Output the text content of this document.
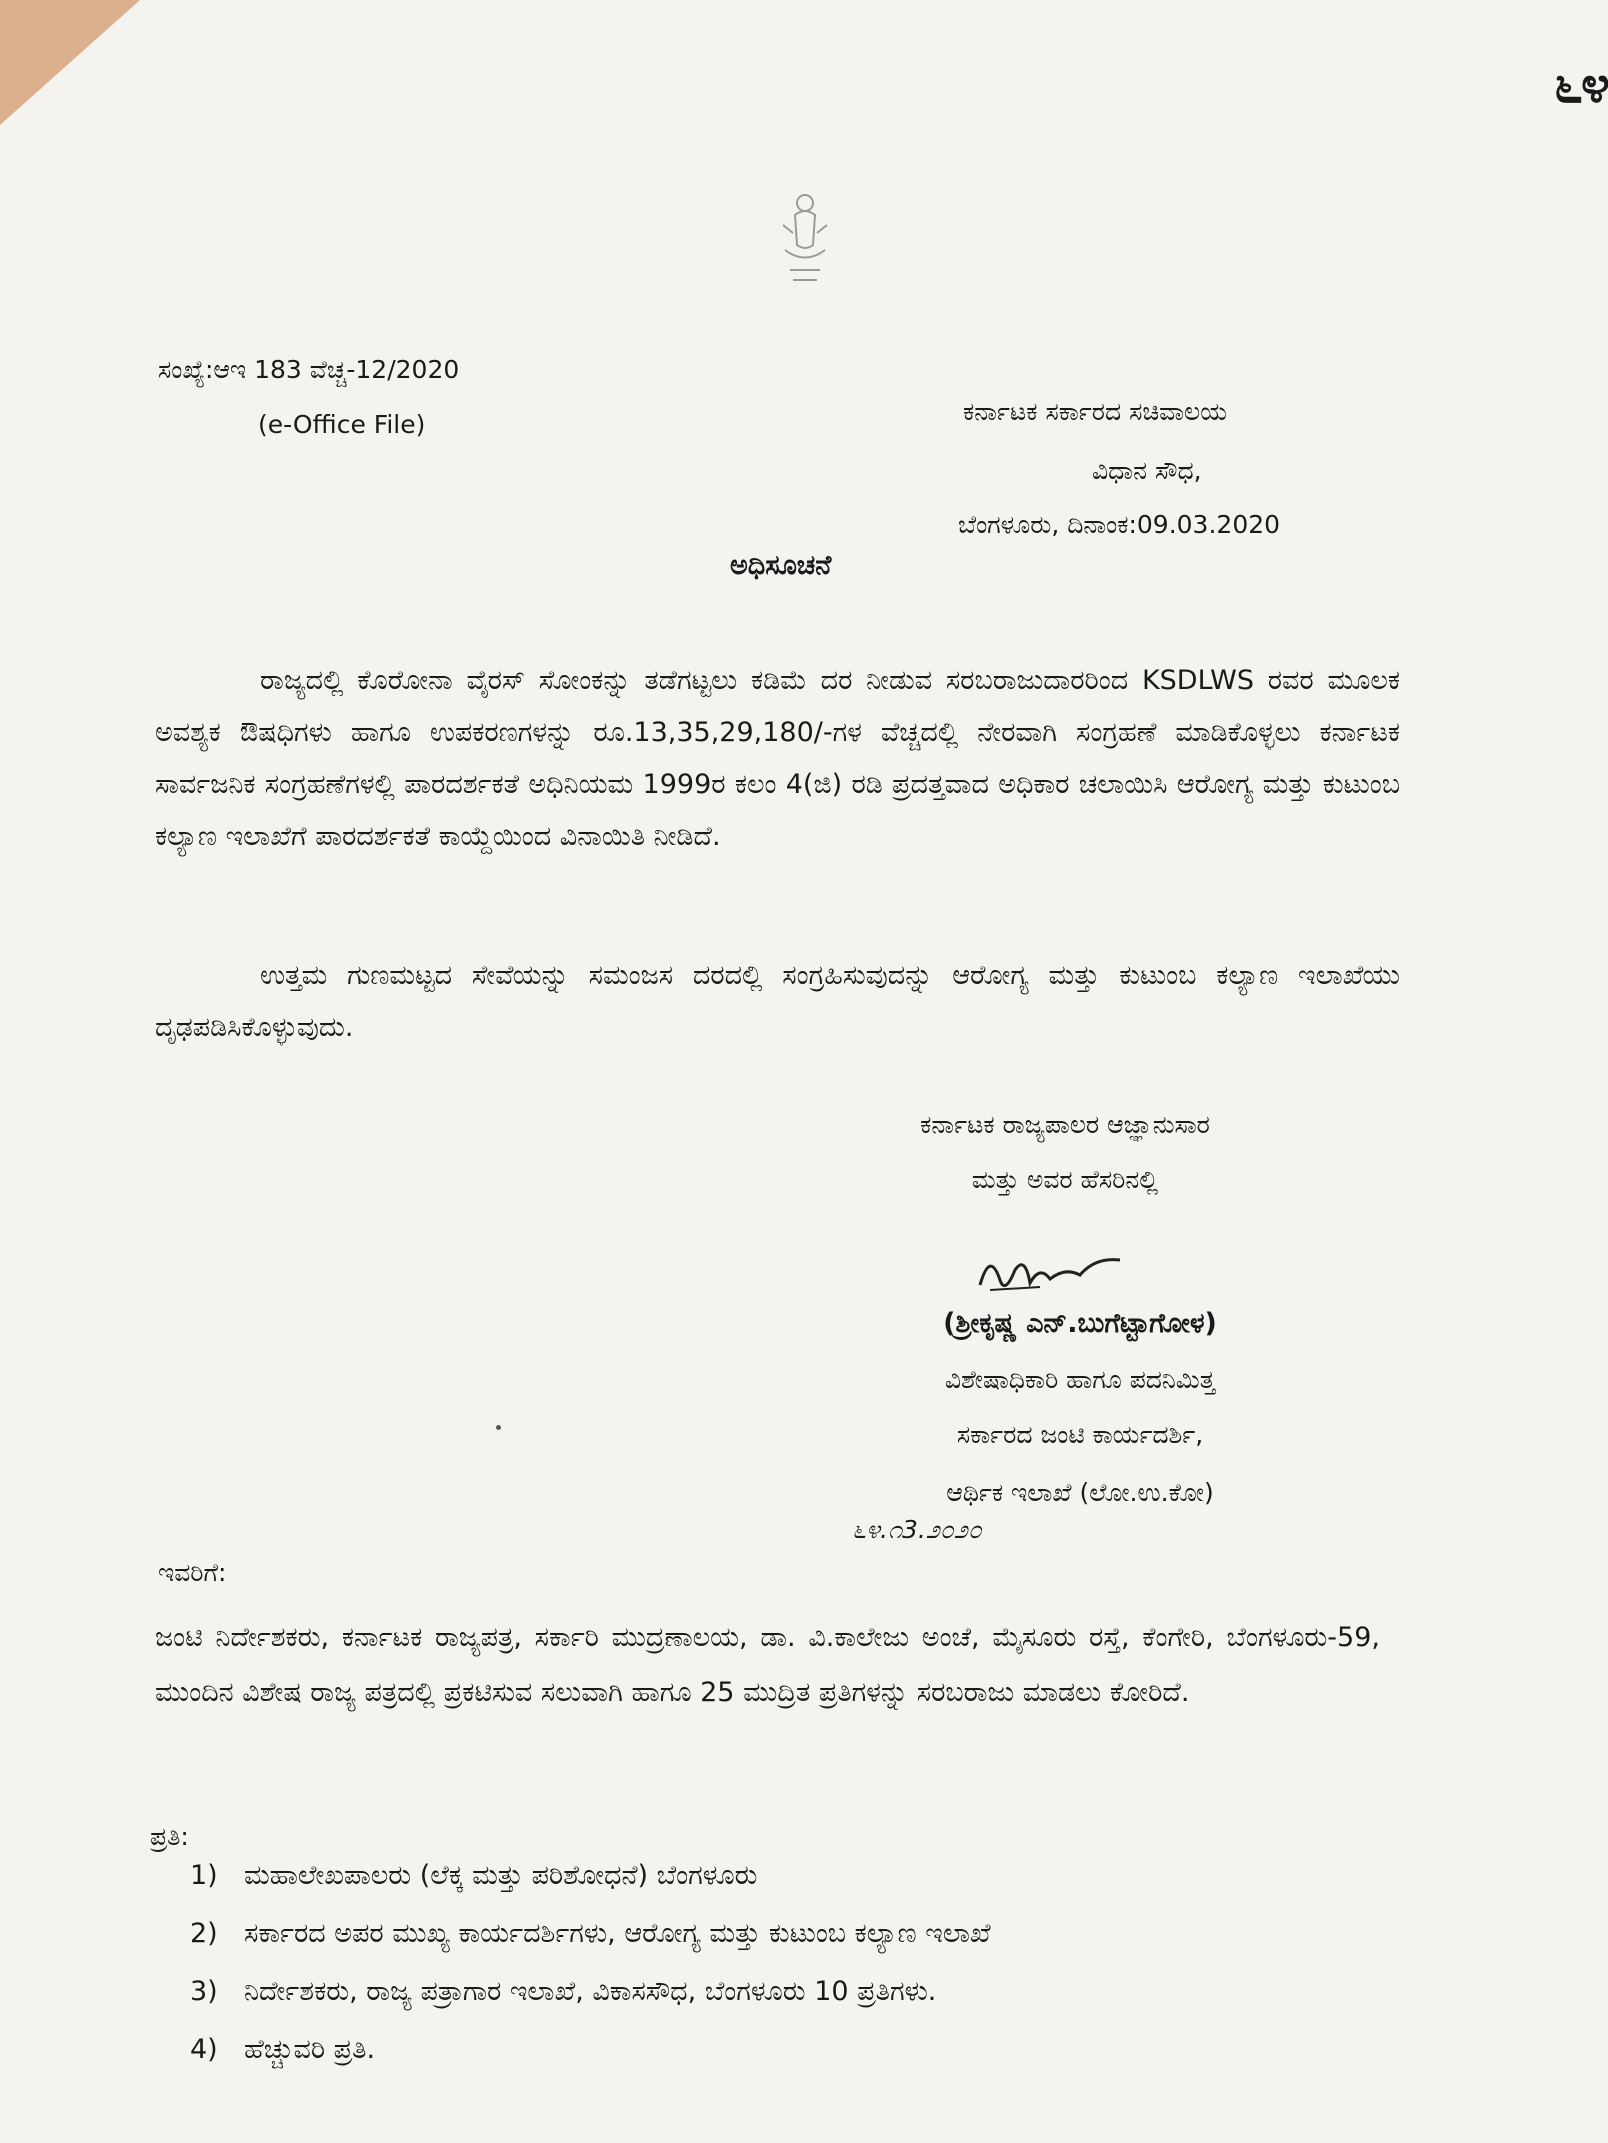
೬೪
ಸಂಖ್ಯೆ:ಆಇ 183 ವೆಚ್ಚ-12/2020
(e-Office File)	ಕರ್ನಾಟಕ ಸರ್ಕಾರದ ಸಚಿವಾಲಯ
ವಿಧಾನ ಸೌಧ,
ಬೆಂಗಳೂರು, ದಿನಾಂಕ:09.03.2020
ಅಧಿಸೂಚನೆ

ರಾಜ್ಯದಲ್ಲಿ ಕೊರೋನಾ ವೈರಸ್ ಸೋಂಕನ್ನು ತಡೆಗಟ್ಟಲು ಕಡಿಮೆ ದರ ನೀಡುವ ಸರಬರಾಜುದಾರರಿಂದ KSDLWS ರವರ ಮೂಲಕ ಅವಶ್ಯಕ ಔಷಧಿಗಳು ಹಾಗೂ ಉಪಕರಣಗಳನ್ನು ರೂ.13,35,29,180/-ಗಳ ವೆಚ್ಚದಲ್ಲಿ ನೇರವಾಗಿ ಸಂಗ್ರಹಣೆ ಮಾಡಿಕೊಳ್ಳಲು ಕರ್ನಾಟಕ ಸಾರ್ವಜನಿಕ ಸಂಗ್ರಹಣೆಗಳಲ್ಲಿ ಪಾರದರ್ಶಕತೆ ಅಧಿನಿಯಮ 1999ರ ಕಲಂ 4(ಜಿ) ರಡಿ ಪ್ರದತ್ತವಾದ ಅಧಿಕಾರ ಚಲಾಯಿಸಿ ಆರೋಗ್ಯ ಮತ್ತು ಕುಟುಂಬ ಕಲ್ಯಾಣ ಇಲಾಖೆಗೆ ಪಾರದರ್ಶಕತೆ ಕಾಯ್ದೆಯಿಂದ ವಿನಾಯಿತಿ ನೀಡಿದೆ.

ಉತ್ತಮ ಗುಣಮಟ್ಟದ ಸೇವೆಯನ್ನು ಸಮಂಜಸ ದರದಲ್ಲಿ ಸಂಗ್ರಹಿಸುವುದನ್ನು ಆರೋಗ್ಯ ಮತ್ತು ಕುಟುಂಬ ಕಲ್ಯಾಣ ಇಲಾಖೆಯು ದೃಢಪಡಿಸಿಕೊಳ್ಳುವುದು.

ಕರ್ನಾಟಕ ರಾಜ್ಯಪಾಲರ ಆಜ್ಞಾನುಸಾರ
ಮತ್ತು ಅವರ ಹೆಸರಿನಲ್ಲಿ
(ಶ್ರೀಕೃಷ್ಣ ಎನ್.ಬುಗೆಟ್ಟಾಗೋಳ)
ವಿಶೇಷಾಧಿಕಾರಿ ಹಾಗೂ ಪದನಿಮಿತ್ತ
ಸರ್ಕಾರದ ಜಂಟಿ ಕಾರ್ಯದರ್ಶಿ,
ಆರ್ಥಿಕ ಇಲಾಖೆ (ಲೋ.ಉ.ಕೋ)
೬೪.೧3.೨೦೨೦
ಇವರಿಗೆ:

ಜಂಟಿ ನಿರ್ದೇಶಕರು, ಕರ್ನಾಟಕ ರಾಜ್ಯಪತ್ರ, ಸರ್ಕಾರಿ ಮುದ್ರಣಾಲಯ, ಡಾ. ವಿ.ಕಾಲೇಜು ಅಂಚೆ, ಮೈಸೂರು ರಸ್ತೆ, ಕೆಂಗೇರಿ, ಬೆಂಗಳೂರು-59, ಮುಂದಿನ ವಿಶೇಷ ರಾಜ್ಯ ಪತ್ರದಲ್ಲಿ ಪ್ರಕಟಿಸುವ ಸಲುವಾಗಿ ಹಾಗೂ 25 ಮುದ್ರಿತ ಪ್ರತಿಗಳನ್ನು ಸರಬರಾಜು ಮಾಡಲು ಕೋರಿದೆ.

ಪ್ರತಿ:
1) ಮಹಾಲೇಖಪಾಲರು (ಲೆಕ್ಕ ಮತ್ತು ಪರಿಶೋಧನೆ) ಬೆಂಗಳೂರು
2) ಸರ್ಕಾರದ ಅಪರ ಮುಖ್ಯ ಕಾರ್ಯದರ್ಶಿಗಳು, ಆರೋಗ್ಯ ಮತ್ತು ಕುಟುಂಬ ಕಲ್ಯಾಣ ಇಲಾಖೆ
3) ನಿರ್ದೇಶಕರು, ರಾಜ್ಯ ಪತ್ರಾಗಾರ ಇಲಾಖೆ, ವಿಕಾಸಸೌಧ, ಬೆಂಗಳೂರು 10 ಪ್ರತಿಗಳು.
4) ಹೆಚ್ಚುವರಿ ಪ್ರತಿ.
